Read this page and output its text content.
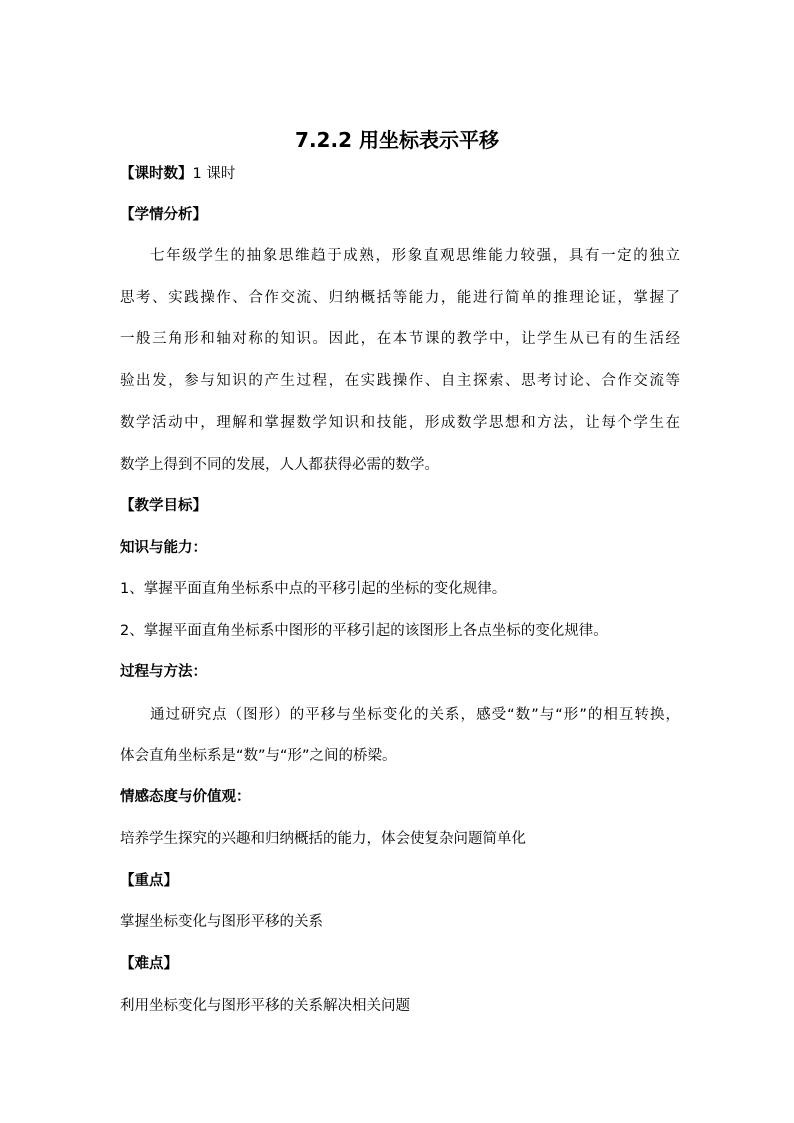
7.2.2 用坐标表示平移
【课时数】1 课时
【学情分析】
七年级学生的抽象思维趋于成熟，形象直观思维能力较强，具有一定的独立
思考、实践操作、合作交流、归纳概括等能力，能进行简单的推理论证，掌握了
一般三角形和轴对称的知识。因此，在本节课的教学中，让学生从已有的生活经
验出发，参与知识的产生过程，在实践操作、自主探索、思考讨论、合作交流等
数学活动中，理解和掌握数学知识和技能，形成数学思想和方法，让每个学生在
数学上得到不同的发展，人人都获得必需的数学。
【教学目标】
知识与能力：
1、掌握平面直角坐标系中点的平移引起的坐标的变化规律。
2、掌握平面直角坐标系中图形的平移引起的该图形上各点坐标的变化规律。
过程与方法：
通过研究点（图形）的平移与坐标变化的关系，感受“数”与“形”的相互转换，
体会直角坐标系是“数”与“形”之间的桥梁。
情感态度与价值观：
培养学生探究的兴趣和归纳概括的能力，体会使复杂问题简单化
【重点】
掌握坐标变化与图形平移的关系
【难点】
利用坐标变化与图形平移的关系解决相关问题
